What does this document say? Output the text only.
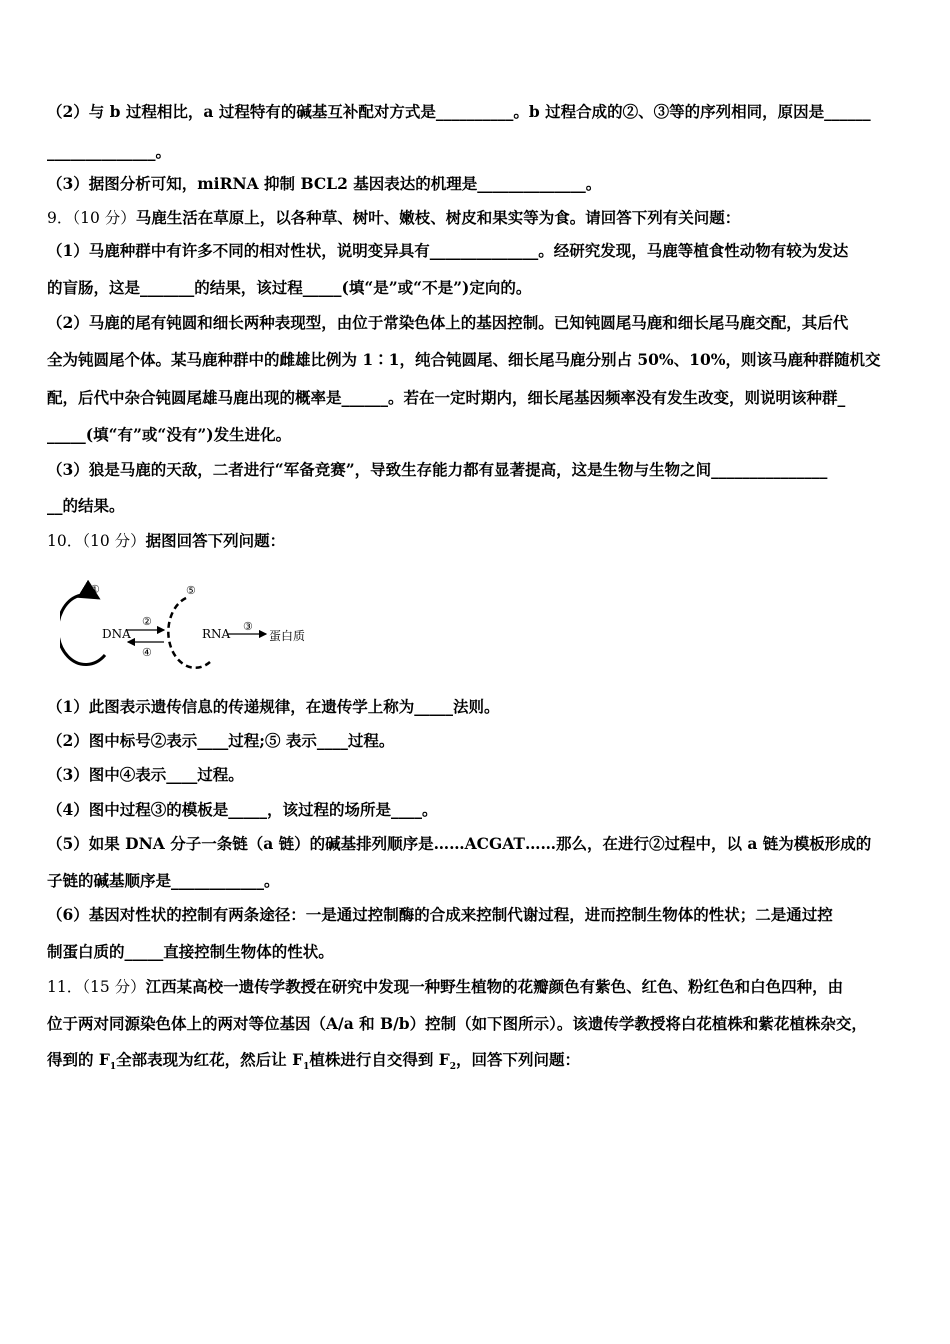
（2）与 b 过程相比，a 过程特有的碱基互补配对方式是__________。b 过程合成的②、③等的序列相同，原因是______
______________。
（3）据图分析可知，miRNA 抑制 BCL2 基因表达的机理是______________。
9．（10 分）马鹿生活在草原上，以各种草、树叶、嫩枝、树皮和果实等为食。请回答下列有关问题：
（1）马鹿种群中有许多不同的相对性状，说明变异具有______________。经研究发现，马鹿等植食性动物有较为发达
的盲肠，这是_______的结果，该过程_____(填“是”或“不是”)定向的。
（2）马鹿的尾有钝圆和细长两种表现型，由位于常染色体上的基因控制。已知钝圆尾马鹿和细长尾马鹿交配，其后代
全为钝圆尾个体。某马鹿种群中的雌雄比例为 1∶1，纯合钝圆尾、细长尾马鹿分别占 50%、10%，则该马鹿种群随机交
配，后代中杂合钝圆尾雄马鹿出现的概率是______。若在一定时期内，细长尾基因频率没有发生改变，则说明该种群_
_____(填“有”或“没有”)发生进化。
（3）狼是马鹿的天敌，二者进行“军备竞赛”，导致生存能力都有显著提高，这是生物与生物之间_______________
__的结果。
10．（10 分）据图回答下列问题：
①
DNA
②
④
⑤
RNA
③
蛋白质
（1）此图表示遗传信息的传递规律，在遗传学上称为_____法则。
（2）图中标号②表示____过程;⑤ 表示____过程。
（3）图中④表示____过程。
（4）图中过程③的模板是_____，该过程的场所是____。
（5）如果 DNA 分子一条链（a 链）的碱基排列顺序是……ACGAT……那么，在进行②过程中，以 a 链为模板形成的
子链的碱基顺序是____________。
（6）基因对性状的控制有两条途径：一是通过控制酶的合成来控制代谢过程，进而控制生物体的性状；二是通过控
制蛋白质的_____直接控制生物体的性状。
11．（15 分）江西某高校一遗传学教授在研究中发现一种野生植物的花瓣颜色有紫色、红色、粉红色和白色四种，由
位于两对同源染色体上的两对等位基因（A/a 和 B/b）控制（如下图所示）。该遗传学教授将白花植株和紫花植株杂交，
得到的 $F_1$全部表现为红花，然后让 $F_1$植株进行自交得到 $F_2$，回答下列问题：
